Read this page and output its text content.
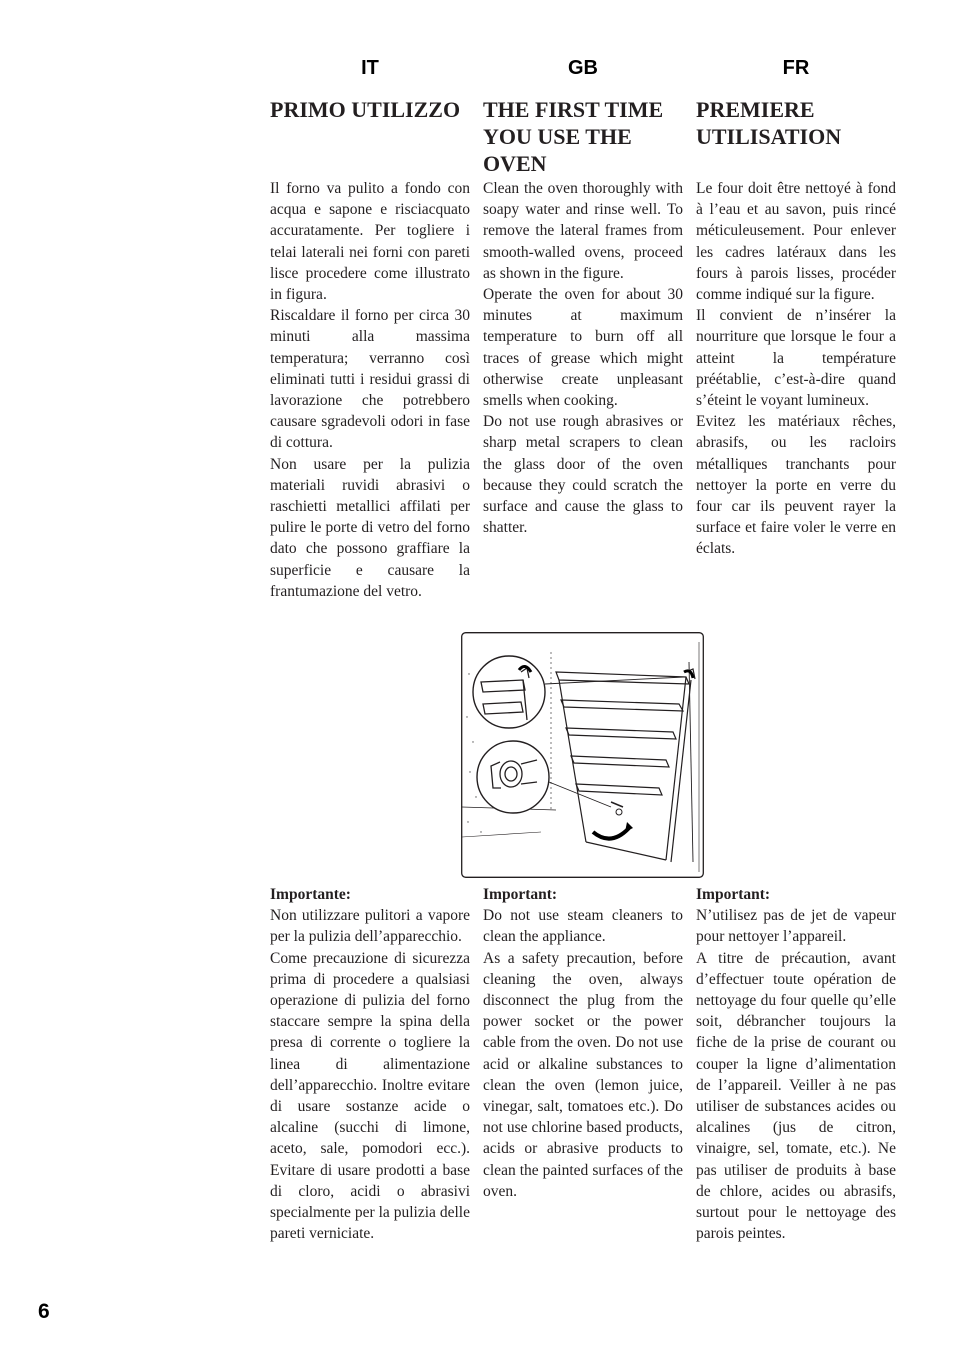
IT	GB	FR
PRIMO UTILIZZO	THE FIRST TIME YOU USE THE OVEN
PREMIERE UTILISATION

Il forno va pulito a fondo con acqua e sapone e risciacquato accuratamente. Per togliere i telai laterali nei forni con pareti lisce procedere come illustrato in figura.

Riscaldare il forno per circa 30 minuti alla massima temperatura; verranno così eliminati tutti i residui grassi di lavorazione che potrebbero causare sgradevoli odori in fase di cottura.

Non usare per la pulizia materiali ruvidi abrasivi o raschietti metallici affilati per pulire le porte di vetro del forno dato che possono graffiare la superficie e causare la frantumazione del vetro.

Clean the oven thoroughly with soapy water and rinse well. To remove the lateral frames from smooth-walled ovens, proceed as shown in the figure.

Operate the oven for about 30 minutes at maximum temperature to burn off all traces of grease which might otherwise create unpleasant smells when cooking.

Do not use rough abrasives or sharp metal scrapers to clean the glass door of the oven because they could scratch the surface and cause the glass to shatter.

Le four doit être nettoyé à fond à l’eau et au savon, puis rincé méticuleusement. Pour enlever les cadres latéraux dans les fours à parois lisses, procéder comme indiqué sur la figure.

Il convient de n’insérer la nourriture que lorsque le four a atteint la température préétablie, c’est-à-dire quand s’éteint le voyant lumineux.

Evitez les matériaux rêches, abrasifs, ou les racloirs métalliques tranchants pour nettoyer la porte en verre du four car ils peuvent rayer la surface et faire voler le verre en éclats.

Importante:

Non utilizzare pulitori a vapore per la pulizia dell’apparecchio.

Come precauzione di sicurezza prima di procedere a qualsiasi operazione di pulizia del forno staccare sempre la spina della presa di corrente o togliere la linea di alimentazione dell’apparecchio. Inoltre evitare di usare sostanze acide o alcaline (succhi di limone, aceto, sale, pomodori ecc.). Evitare di usare prodotti a base di cloro, acidi o abrasivi specialmente per la pulizia delle pareti verniciate.

Important:

Do not use steam cleaners to clean the appliance.

As a safety precaution, before cleaning the oven, always disconnect the plug from the power socket or the power cable from the oven. Do not use acid or alkaline substances to clean the oven (lemon juice, vinegar, salt, tomatoes etc.). Do not use chlorine based products, acids or abrasive products to clean the painted surfaces of the oven.

Important:

N’utilisez pas de jet de vapeur pour nettoyer l’appareil.

A titre de précaution, avant d’effectuer toute opération de nettoyage du four quelle qu’elle soit, débrancher toujours la fiche de la prise de courant ou couper la ligne d’alimentation de l’appareil. Veiller à ne pas utiliser de substances acides ou alcalines (jus de citron, vinaigre, sel, tomate, etc.). Ne pas utiliser de produits à base de chlore, acides ou abrasifs, surtout pour le nettoyage des parois peintes.

6
